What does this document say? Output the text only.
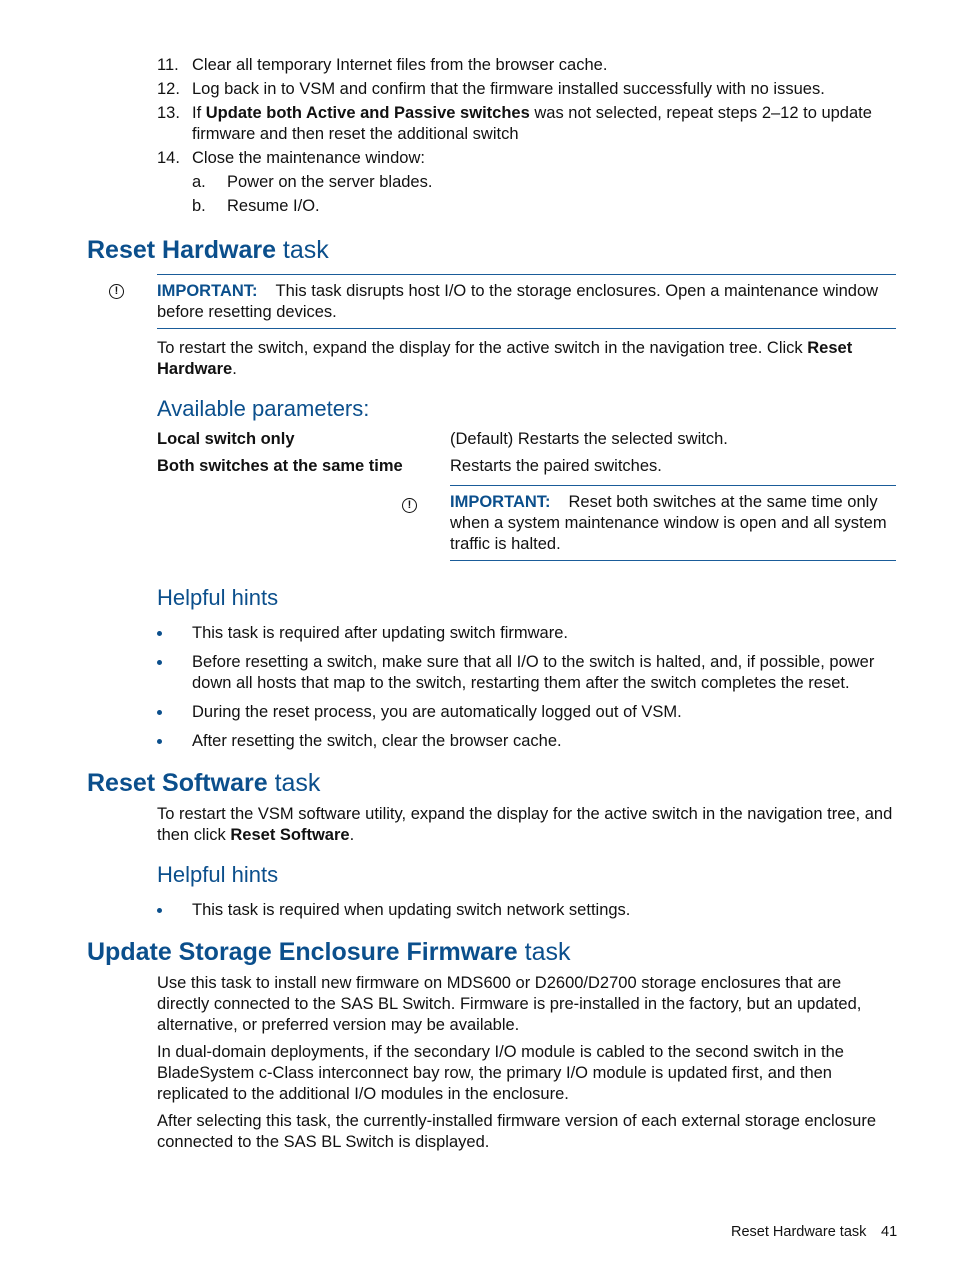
11. Clear all temporary Internet files from the browser cache.
12. Log back in to VSM and confirm that the firmware installed successfully with no issues.
13. If Update both Active and Passive switches was not selected, repeat steps 2–12 to update firmware and then reset the additional switch
14. Close the maintenance window:
a. Power on the server blades.
b. Resume I/O.
Reset Hardware task
!	IMPORTANT: This task disrupts host I/O to the storage enclosures. Open a maintenance window before resetting devices.
To restart the switch, expand the display for the active switch in the navigation tree. Click Reset Hardware.
Available parameters:
Local switch only	(Default) Restarts the selected switch.
Both switches at the same time	Restarts the paired switches.
!	IMPORTANT: Reset both switches at the same time only when a system maintenance window is open and all system traffic is halted.
Helpful hints
This task is required after updating switch firmware.
Before resetting a switch, make sure that all I/O to the switch is halted, and, if possible, power down all hosts that map to the switch, restarting them after the switch completes the reset.
During the reset process, you are automatically logged out of VSM.
After resetting the switch, clear the browser cache.
Reset Software task
To restart the VSM software utility, expand the display for the active switch in the navigation tree, and then click Reset Software.
Helpful hints
This task is required when updating switch network settings.
Update Storage Enclosure Firmware task
Use this task to install new firmware on MDS600 or D2600/D2700 storage enclosures that are directly connected to the SAS BL Switch. Firmware is pre-installed in the factory, but an updated, alternative, or preferred version may be available.
In dual-domain deployments, if the secondary I/O module is cabled to the second switch in the BladeSystem c-Class interconnect bay row, the primary I/O module is updated first, and then replicated to the additional I/O modules in the enclosure.
After selecting this task, the currently-installed firmware version of each external storage enclosure connected to the SAS BL Switch is displayed.
Reset Hardware task 41
